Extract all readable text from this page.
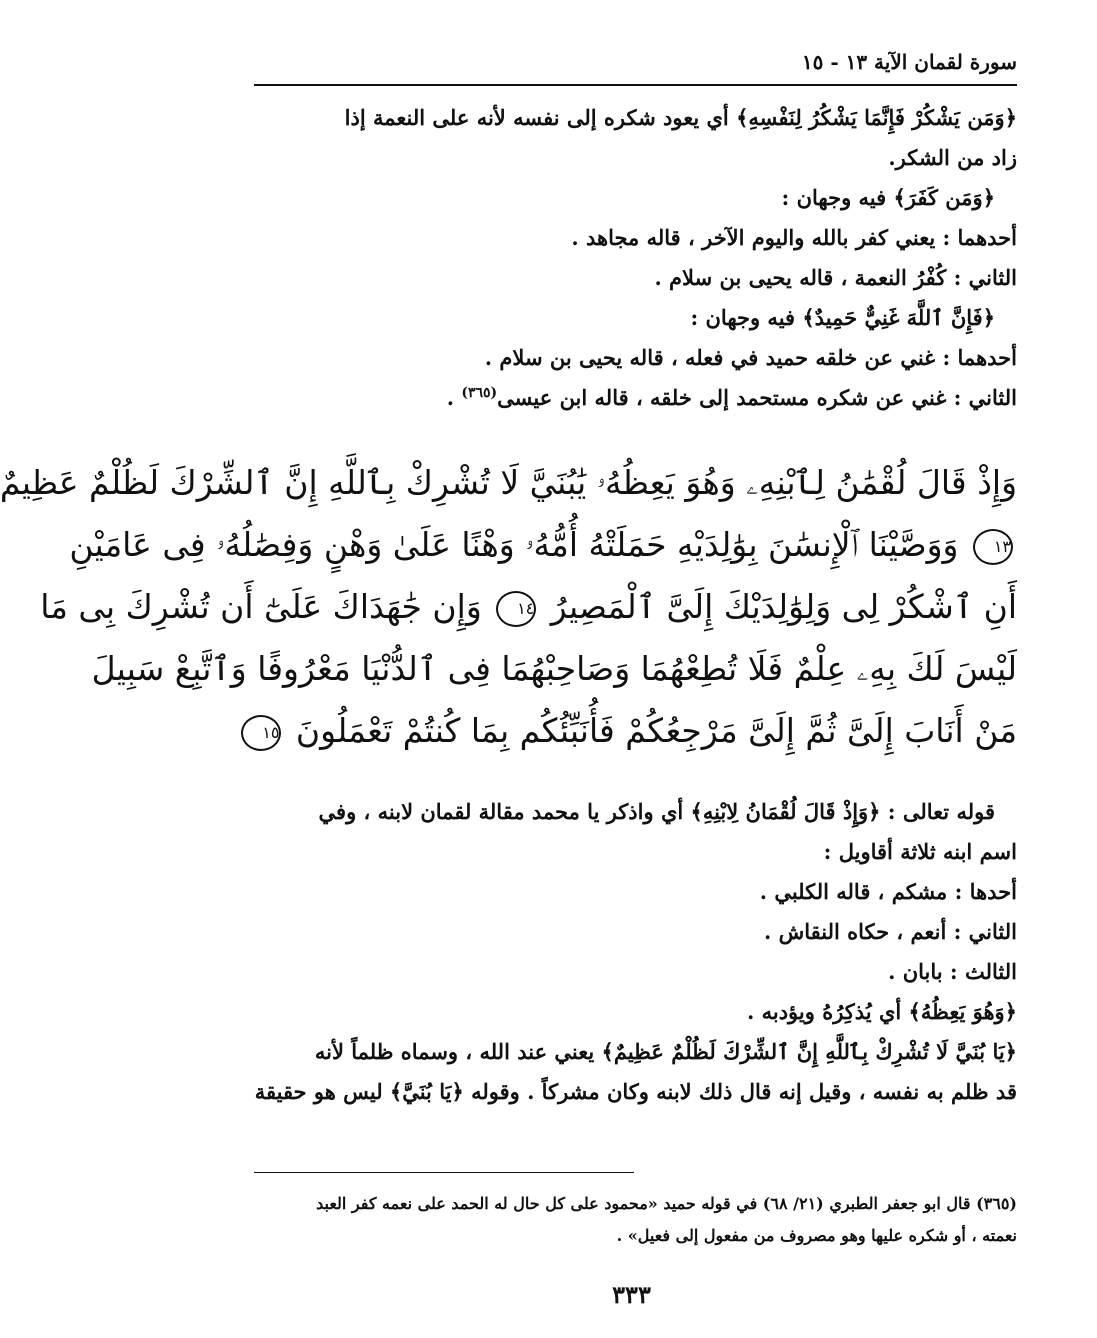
سورة لقمان الآية ١٣ - ١٥
﴿وَمَن يَشْكُرْ فَإِنَّمَا يَشْكُرُ لِنَفْسِهِ﴾ أي يعود شكره إلى نفسه لأنه على النعمة إذا
زاد من الشكر.
﴿وَمَن كَفَرَ﴾ فيه وجهان :
أحدهما : يعني كفر بالله واليوم الآخر ، قاله مجاهد .
الثاني : كُفْرُ النعمة ، قاله يحيى بن سلام .
﴿فَإِنَّ ٱللَّهَ غَنِيٌّ حَمِيدٌ﴾ فيه وجهان :
أحدهما : غني عن خلقه حميد في فعله ، قاله يحيى بن سلام .
الثاني : غني عن شكره مستحمد إلى خلقه ، قاله ابن عيسى$^{(٣٦٥)}$ .
وَإِذْ قَالَ لُقْمَٰنُ لِٱبْنِهِۦ وَهُوَ يَعِظُهُۥ يَٰبُنَيَّ لَا تُشْرِكْ بِٱللَّهِ إِنَّ ٱلشِّرْكَ لَظُلْمٌ عَظِيمٌ
١٣ وَوَصَّيْنَا ٱلْإِنسَٰنَ بِوَٰلِدَيْهِ حَمَلَتْهُ أُمُّهُۥ وَهْنًا عَلَىٰ وَهْنٍ وَفِصَٰلُهُۥ فِى عَامَيْنِ
أَنِ ٱشْكُرْ لِى وَلِوَٰلِدَيْكَ إِلَىَّ ٱلْمَصِيرُ ١٤ وَإِن جَٰهَدَاكَ عَلَىٰٓ أَن تُشْرِكَ بِى مَا
لَيْسَ لَكَ بِهِۦ عِلْمٌ فَلَا تُطِعْهُمَا وَصَاحِبْهُمَا فِى ٱلدُّنْيَا مَعْرُوفًا وَٱتَّبِعْ سَبِيلَ
مَنْ أَنَابَ إِلَىَّ ثُمَّ إِلَىَّ مَرْجِعُكُمْ فَأُنَبِّئُكُم بِمَا كُنتُمْ تَعْمَلُونَ ١٥
قوله تعالى : ﴿وَإِذْ قَالَ لُقْمَانُ لِابْنِهِ﴾ أي واذكر يا محمد مقالة لقمان لابنه ، وفي
اسم ابنه ثلاثة أقاويل :
أحدها : مشكم ، قاله الكلبي .
الثاني : أنعم ، حكاه النقاش .
الثالث : بابان .
﴿وَهُوَ يَعِظُهُ﴾ أي يُذكِرُهُ ويؤدبه .
﴿يَا بُنَيَّ لَا تُشْرِكْ بِٱللَّهِ إِنَّ ٱلشِّرْكَ لَظُلْمٌ عَظِيمٌ﴾ يعني عند الله ، وسماه ظلماً لأنه
قد ظلم به نفسه ، وقيل إنه قال ذلك لابنه وكان مشركاً . وقوله ﴿يَا بُنَيَّ﴾ ليس هو حقيقة
(٣٦٥) قال ابو جعفر الطبري (٢١/ ٦٨) في قوله حميد «محمود على كل حال له الحمد على نعمه كفر العبد
نعمته ، أو شكره عليها وهو مصروف من مفعول إلى فعيل» .
٣٣٣
